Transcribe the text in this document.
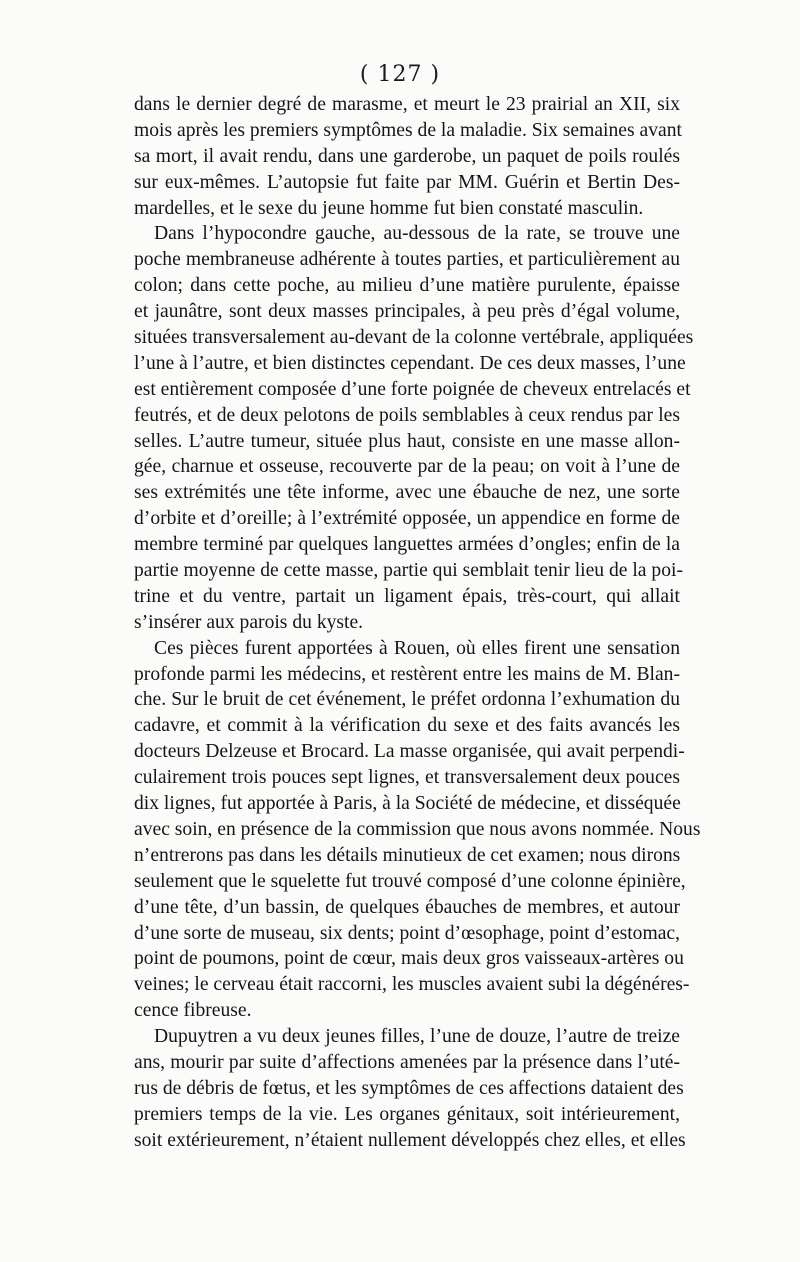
( 127 )
dans le dernier degré de marasme, et meurt le 23 prairial an XII, six
mois après les premiers symptômes de la maladie. Six semaines avant
sa mort, il avait rendu, dans une garderobe, un paquet de poils roulés
sur eux-mêmes. L’autopsie fut faite par MM. Guérin et Bertin Des-
mardelles, et le sexe du jeune homme fut bien constaté masculin.
Dans l’hypocondre gauche, au-dessous de la rate, se trouve une
poche membraneuse adhérente à toutes parties, et particulièrement au
colon; dans cette poche, au milieu d’une matière purulente, épaisse
et jaunâtre, sont deux masses principales, à peu près d’égal volume,
situées transversalement au-devant de la colonne vertébrale, appliquées
l’une à l’autre, et bien distinctes cependant. De ces deux masses, l’une
est entièrement composée d’une forte poignée de cheveux entrelacés et
feutrés, et de deux pelotons de poils semblables à ceux rendus par les
selles. L’autre tumeur, située plus haut, consiste en une masse allon-
gée, charnue et osseuse, recouverte par de la peau; on voit à l’une de
ses extrémités une tête informe, avec une ébauche de nez, une sorte
d’orbite et d’oreille; à l’extrémité opposée, un appendice en forme de
membre terminé par quelques languettes armées d’ongles; enfin de la
partie moyenne de cette masse, partie qui semblait tenir lieu de la poi-
trine et du ventre, partait un ligament épais, très-court, qui allait
s’insérer aux parois du kyste.
Ces pièces furent apportées à Rouen, où elles firent une sensation
profonde parmi les médecins, et restèrent entre les mains de M. Blan-
che. Sur le bruit de cet événement, le préfet ordonna l’exhumation du
cadavre, et commit à la vérification du sexe et des faits avancés les
docteurs Delzeuse et Brocard. La masse organisée, qui avait perpendi-
culairement trois pouces sept lignes, et transversalement deux pouces
dix lignes, fut apportée à Paris, à la Société de médecine, et disséquée
avec soin, en présence de la commission que nous avons nommée. Nous
n’entrerons pas dans les détails minutieux de cet examen; nous dirons
seulement que le squelette fut trouvé composé d’une colonne épinière,
d’une tête, d’un bassin, de quelques ébauches de membres, et autour
d’une sorte de museau, six dents; point d’œsophage, point d’estomac,
point de poumons, point de cœur, mais deux gros vaisseaux-artères ou
veines; le cerveau était raccorni, les muscles avaient subi la dégénéres-
cence fibreuse.
Dupuytren a vu deux jeunes filles, l’une de douze, l’autre de treize
ans, mourir par suite d’affections amenées par la présence dans l’uté-
rus de débris de fœtus, et les symptômes de ces affections dataient des
premiers temps de la vie. Les organes génitaux, soit intérieurement,
soit extérieurement, n’étaient nullement développés chez elles, et elles
